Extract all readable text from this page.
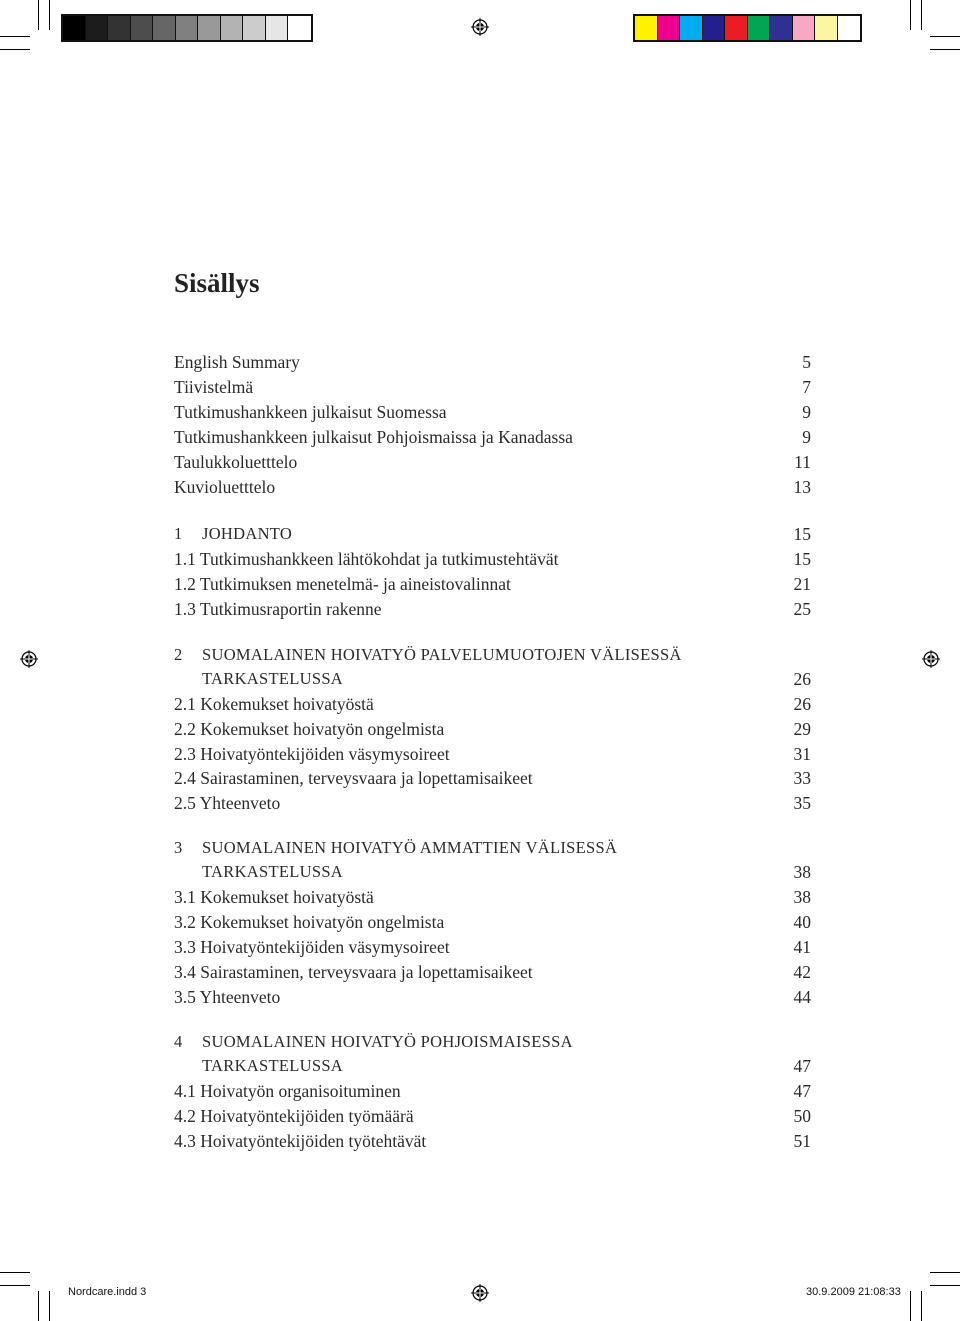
Sisällys
English Summary	5
Tiivistelmä	7
Tutkimushankkeen julkaisut Suomessa	9
Tutkimushankkeen julkaisut Pohjoismaissa ja Kanadassa	9
Taulukkoluetttelo	11
Kuvioluetttelo	13
1 JOHDANTO	15
1.1 Tutkimushankkeen lähtökohdat ja tutkimustehtävät	15
1.2 Tutkimuksen menetelmä- ja aineistovalinnat	21
1.3 Tutkimusraportin rakenne	25
2 SUOMALAINEN HOIVATYÖ PALVELUMUOTOJEN VÄLISESSÄ
TARKASTELUSSA	26
2.1 Kokemukset hoivatyöstä	26
2.2 Kokemukset hoivatyön ongelmista	29
2.3 Hoivatyöntekijöiden väsymysoireet	31
2.4 Sairastaminen, terveysvaara ja lopettamisaikeet	33
2.5 Yhteenveto	35
3 SUOMALAINEN HOIVATYÖ AMMATTIEN VÄLISESSÄ
TARKASTELUSSA	38
3.1 Kokemukset hoivatyöstä	38
3.2 Kokemukset hoivatyön ongelmista	40
3.3 Hoivatyöntekijöiden väsymysoireet	41
3.4 Sairastaminen, terveysvaara ja lopettamisaikeet	42
3.5 Yhteenveto	44
4 SUOMALAINEN HOIVATYÖ POHJOISMAISESSA
TARKASTELUSSA	47
4.1 Hoivatyön organisoituminen	47
4.2 Hoivatyöntekijöiden työmäärä	50
4.3 Hoivatyöntekijöiden työtehtävät	51
Nordcare.indd 3	30.9.2009 21:08:33
